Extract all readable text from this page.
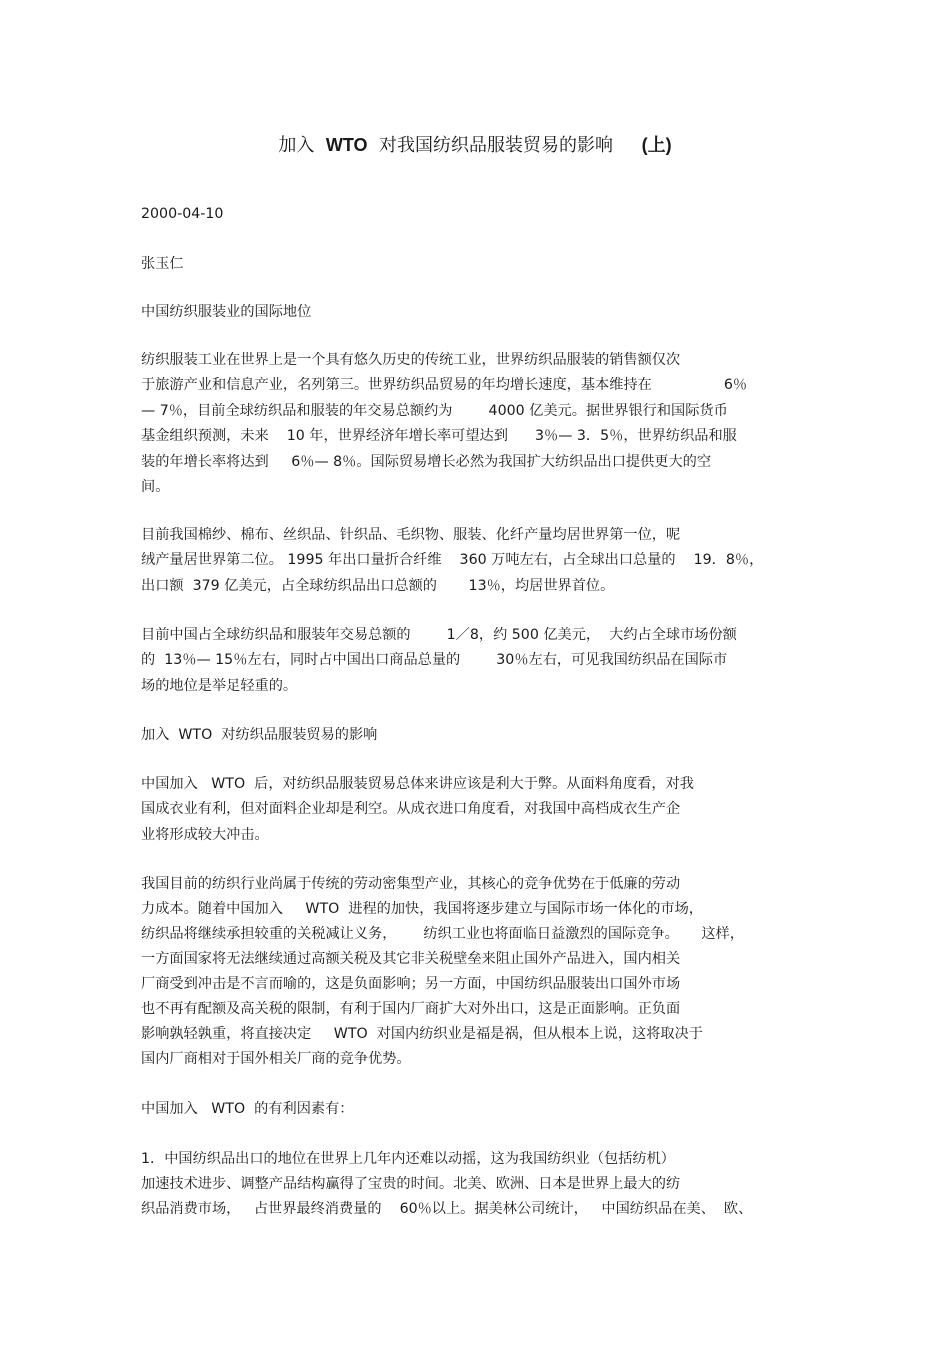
加入  WTO  对我国纺织品服装贸易的影响     (上)
2000-04-10
张玉仁
中国纺织服装业的国际地位
纺织服装工业在世界上是一个具有悠久历史的传统工业，世界纺织品服装的销售额仅次
于旅游产业和信息产业，名列第三。世界纺织品贸易的年均增长速度，基本维持在                6％
— 7％，目前全球纺织品和服装的年交易总额约为        4000 亿美元。据世界银行和国际货币
基金组织预测，未来    10 年，世界经济年增长率可望达到      3％— 3．5％，世界纺织品和服
装的年增长率将达到     6％— 8％。国际贸易增长必然为我国扩大纺织品出口提供更大的空
间。
目前我国棉纱、棉布、丝织品、针织品、毛织物、服装、化纤产量均居世界第一位，呢
绒产量居世界第二位。 1995 年出口量折合纤维    360 万吨左右，占全球出口总量的    19．8％，
出口额  379 亿美元，占全球纺织品出口总额的       13％，均居世界首位。
目前中国占全球纺织品和服装年交易总额的        1／8，约 500 亿美元，  大约占全球市场份额
的  13％— 15％左右，同时占中国出口商品总量的        30％左右，可见我国纺织品在国际市
场的地位是举足轻重的。
加入  WTO  对纺织品服装贸易的影响
中国加入   WTO  后，对纺织品服装贸易总体来讲应该是利大于弊。从面料角度看，对我
国成衣业有利，但对面料企业却是利空。从成衣进口角度看，对我国中高档成衣生产企
业将形成较大冲击。
我国目前的纺织行业尚属于传统的劳动密集型产业，其核心的竞争优势在于低廉的劳动
力成本。随着中国加入     WTO  进程的加快，我国将逐步建立与国际市场一体化的市场，
纺织品将继续承担较重的关税减让义务，      纺织工业也将面临日益激烈的国际竞争。     这样，
一方面国家将无法继续通过高额关税及其它非关税壁垒来阻止国外产品进入，国内相关
厂商受到冲击是不言而喻的，这是负面影响；另一方面，中国纺织品服装出口国外市场
也不再有配额及高关税的限制，有利于国内厂商扩大对外出口，这是正面影响。正负面
影响孰轻孰重，将直接决定     WTO  对国内纺织业是福是祸，但从根本上说，这将取决于
国内厂商相对于国外相关厂商的竞争优势。
中国加入   WTO  的有利因素有：
1．中国纺织品出口的地位在世界上几年内还难以动摇，这为我国纺织业（包括纺机）
加速技术进步、调整产品结构赢得了宝贵的时间。北美、欧洲、日本是世界上最大的纺
织品消费市场，   占世界最终消费量的    60％以上。据美林公司统计，   中国纺织品在美、  欧、
